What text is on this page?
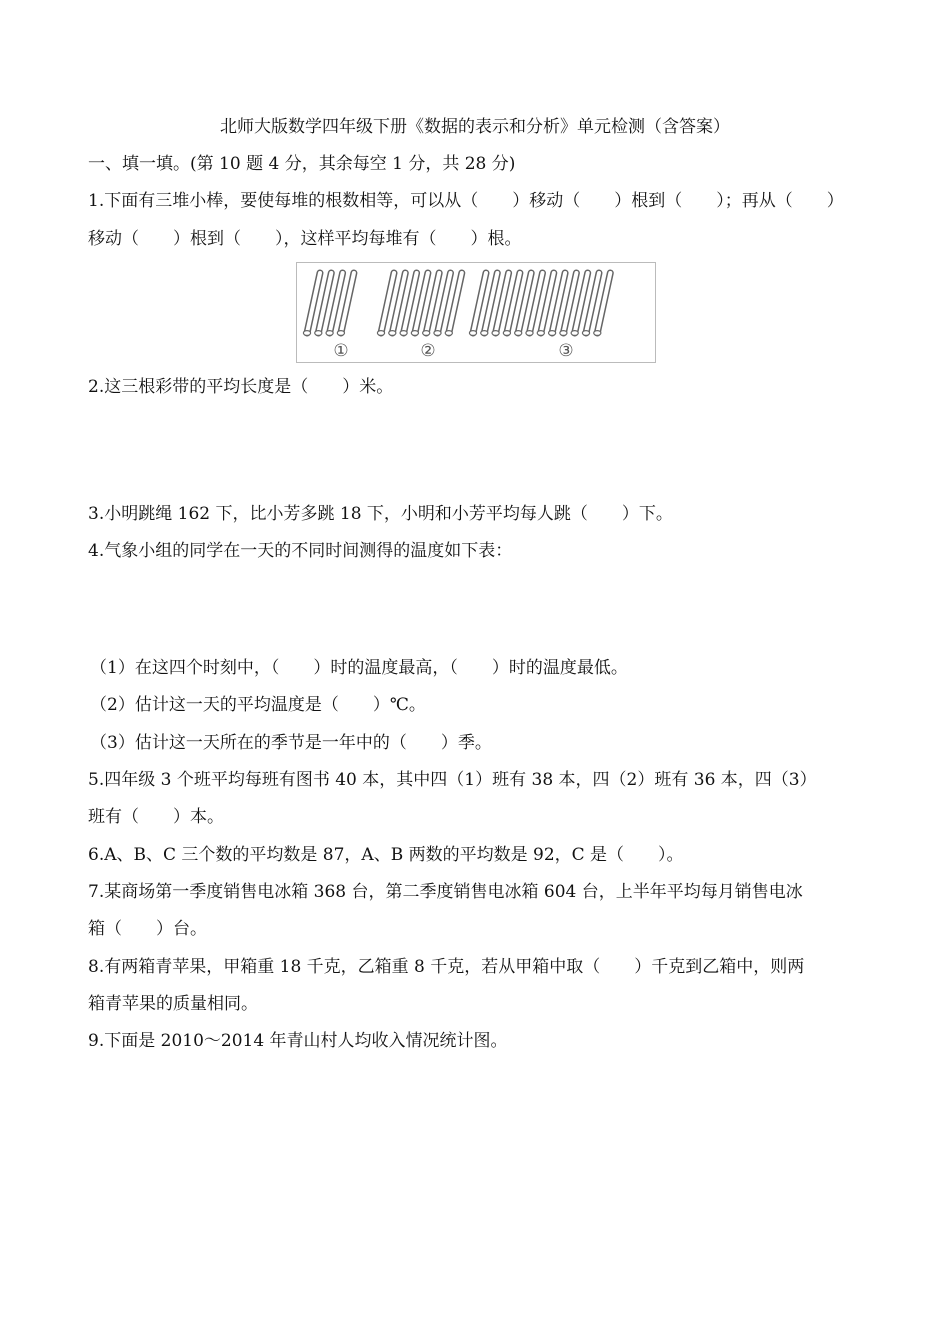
北师大版数学四年级下册《数据的表示和分析》单元检测（含答案）
一、填一填。(第 10 题 4 分，其余每空 1 分，共 28 分)
1.下面有三堆小棒，要使每堆的根数相等，可以从（　　）移动（　　）根到（　　）；再从（　　）
移动（　　）根到（　　），这样平均每堆有（　　）根。
①	②	③
2.这三根彩带的平均长度是（　　）米。
3.小明跳绳 162 下，比小芳多跳 18 下，小明和小芳平均每人跳（　　）下。
4.气象小组的同学在一天的不同时间测得的温度如下表：
（1）在这四个时刻中，（　　）时的温度最高，（　　）时的温度最低。
（2）估计这一天的平均温度是（　　）℃。
（3）估计这一天所在的季节是一年中的（　　）季。
5.四年级 3 个班平均每班有图书 40 本，其中四（1）班有 38 本，四（2）班有 36 本，四（3）
班有（　　）本。
6.A、B、C 三个数的平均数是 87，A、B 两数的平均数是 92，C 是（　　）。
7.某商场第一季度销售电冰箱 368 台，第二季度销售电冰箱 604 台，上半年平均每月销售电冰
箱（　　）台。
8.有两箱青苹果，甲箱重 18 千克，乙箱重 8 千克，若从甲箱中取（　　）千克到乙箱中，则两
箱青苹果的质量相同。
9.下面是 2010～2014 年青山村人均收入情况统计图。
